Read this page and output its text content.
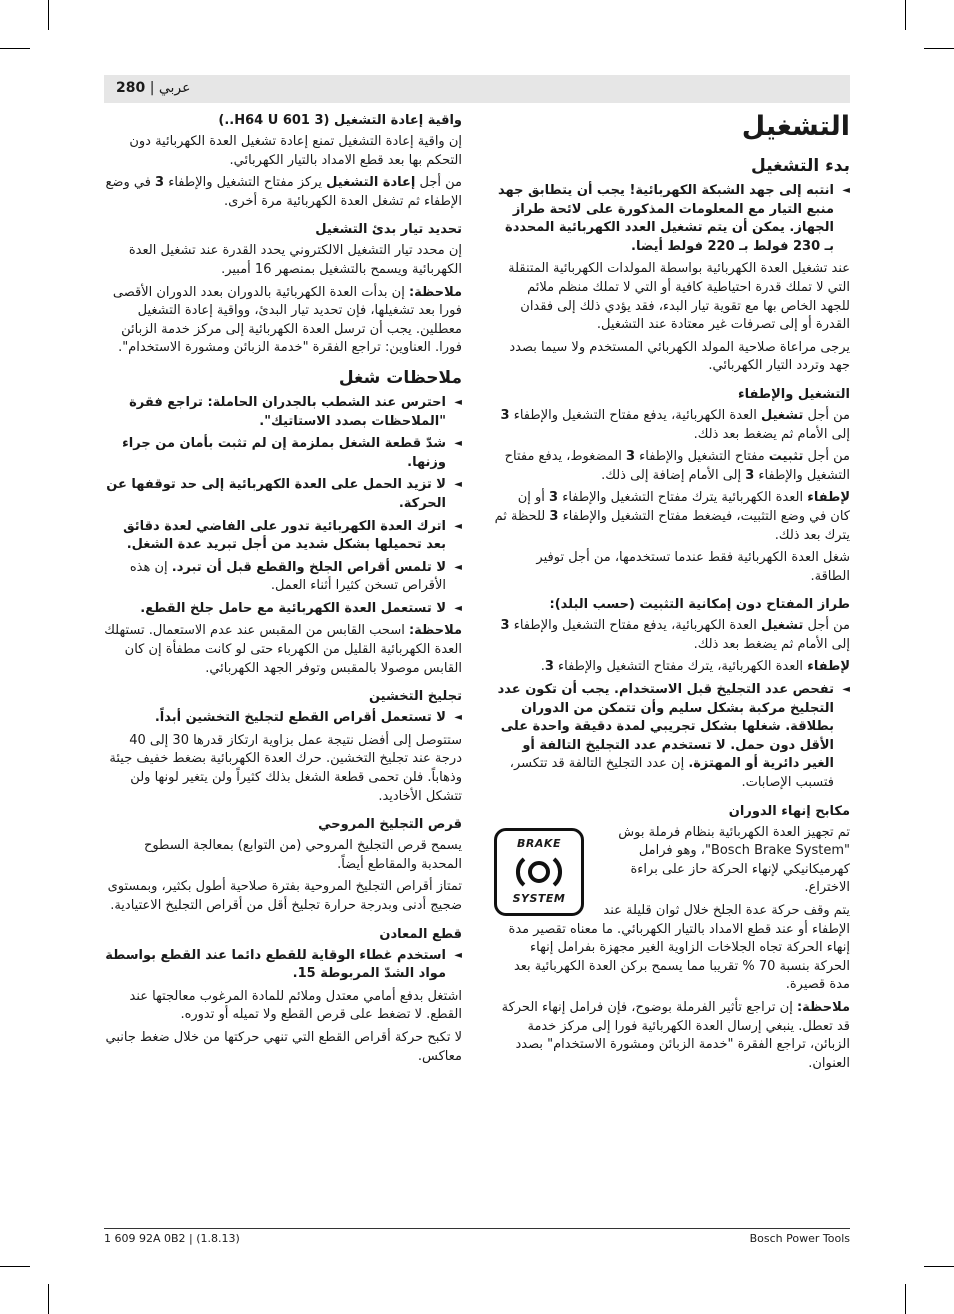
280 | عربي
التشغيل
بدء التشغيل
◄ انتبه إلى جهد الشبكة الكهربائية! يجب أن يتطابق جهد منبع التيار مع المعلومات المذكورة على لائحة طراز الجهاز. يمكن أن يتم تشغيل العدد الكهربائية المحددة بـ 230 فولط بـ 220 فولط أيضا.

عند تشغيل العدة الكهربائية بواسطة المولدات الكهربائية المتنقلة التي لا تملك قدرة احتياطية كافية أو التي لا تملك منظم ملائم للجهد الخاص بها مع تقوية تيار البدء، فقد يؤدي ذلك إلى فقدان القدرة أو إلى تصرفات غير معتادة عند التشغيل.

يرجى مراعاة صلاحية المولد الكهربائي المستخدم ولا سيما بصدد جهد وتردد التيار الكهربائي.

التشغيل والإطفاء

من أجل تشغيل العدة الكهربائية، يدفع مفتاح التشغيل والإطفاء 3 إلى الأمام ثم يضغط بعد ذلك.

من أجل تثبيت مفتاح التشغيل والإطفاء 3 المضغوط، يدفع مفتاح التشغيل والإطفاء 3 إلى الأمام إضافة إلى ذلك.

لإطفاء العدة الكهربائية يترك مفتاح التشغيل والإطفاء 3 أو إن كان في وضع التثبيت، فيضغط مفتاح التشغيل والإطفاء 3 للحظة ثم يترك بعد ذلك.

شغل العدة الكهربائية فقط عندما تستخدمها، من أجل توفير الطاقة.

طراز المفتاح دون إمكانية التثبيت (حسب البلد):

من أجل تشغيل العدة الكهربائية، يدفع مفتاح التشغيل والإطفاء 3 إلى الأمام ثم يضغط بعد ذلك.

لإطفاء العدة الكهربائية، يترك مفتاح التشغيل والإطفاء 3.

◄ تفحص عدد التجليخ قبل الاستخدام. يجب أن تكون عدد التجليخ مركبة بشكل سليم وأن تتمكن من الدوران بطلاقة. شغلها بشكل تجريبي لمدة دقيقة واحدة على الأقل دون حمل. لا تستخدم عدد التجليخ التالفة أو الغير دائرية أو المهتزة. إن عدد التجليخ التالفة قد تتكسر، فتسبب الإصابات.
مكابح إنهاء الدوران
BRAKE
SYSTEM

تم تجهيز العدة الكهربائية بنظام فرملة بوش "Bosch Brake System"، وهو فرامل كهرميكانيكي لإنهاء الحركة حاز على براءة الاختراع.

يتم وقف حركة عدة الجلخ خلال ثوان قليلة عند الإطفاء أو عند قطع الامداد بالتيار الكهربائي. ما معناه تقصير مدة إنهاء الحركة تجاه الجلاخات الزاوية الغير مجهزة بفرامل إنهاء الحركة بنسبة 70 % تقريبا مما يسمح بركن العدة الكهربائية بعد مدة قصيرة.

ملاحظة: إن تراجع تأثير الفرملة بوضوح، فإن فرامل إنهاء الحركة قد تعطل. ينبغي إرسال العدة الكهربائية فورا إلى مركز خدمة الزبائن، تراجع الفقرة "خدمة الزبائن ومشورة الاستخدام" بصدد العنوان.

واقية إعادة التشغيل (3 601 H64 U..)

إن واقية إعادة التشغيل تمنع إعادة تشغيل العدة الكهربائية دون التحكم بها بعد قطع الامداد بالتيار الكهربائي.

من أجل إعادة التشغيل يركز مفتاح التشغيل والإطفاء 3 في وضع الإطفاء ثم تشغل العدة الكهربائية مرة أخرى.

تحديد تيار بدئ التشغيل

إن محدد تيار التشغيل الالكتروني يحدد القدرة عند تشغيل العدة الكهربائية ويسمح بالتشغيل بمنصهر 16 أمبير.

ملاحظة: إن بدأت العدة الكهربائية بالدوران بعدد الدوران الأقصى فورا بعد تشغيلها، فإن تحديد تيار البدئ، وواقية إعادة التشغيل معطلين. يجب أن ترسل العدة الكهربائية إلى مركز خدمة الزبائن فورا. العناوين: تراجع الفقرة "خدمة الزبائن ومشورة الاستخدام".

ملاحظات شغل
◄ احترس عند الشطب بالجدران الحاملة: تراجع فقرة "الملاحظات بصدد الاستاتيك".
◄ شدّ قطعة الشغل بملزمة إن لم تثبت بأمان من جراء وزنها.
◄ لا تزيد الحمل على العدة الكهربائية إلى حد توقفها عن الحركة.
◄ اترك العدة الكهربائية تدور على الفاضي لعدة دقائق بعد تحميلها بشكل شديد من أجل تبريد عدة الشغل.
◄ لا تلمس أقراص الجلخ والقطع قبل أن تبرد. إن هذه الأقراص تسخن كثيرا أثناء العمل.
◄ لا تستعمل العدة الكهربائية مع حامل جلخ القطع.

ملاحظة: اسحب القابس من المقبس عند عدم الاستعمال. تستهلك العدة الكهربائية القليل من الكهرباء حتى لو كانت مطفأة إن كان القابس موصولا بالمقبس وتوفر الجهد الكهربائي.

تجليخ التخشين
◄ لا تستعمل أقراص القطع لتجليخ التخشين أبداً.

ستتوصل إلى أفضل نتيجة عمل بزاوية ارتكاز قدرها 30 إلى 40 درجة عند تجليخ التخشين. حرك العدة الكهربائية بضغط خفيف جيئة وذهاباً. فلن تحمى قطعة الشغل بذلك كثيراً ولن يتغير لونها ولن تتشكل الأخاديد.

قرص التجليخ المروحي

يسمح قرص التجليخ المروحي (من التوابع) بمعالجة السطوح المحدبة والمقاطع أيضاً.

تمتاز أقراص التجليخ المروحية بفترة صلاحية أطول بكثير، وبمستوى ضجيج أدنى وبدرجة حرارة تجليخ أقل من أقراص التجليخ الاعتيادية.

قطع المعادن
◄ استخدم غطاء الوقاية للقطع دائما عند القطع بواسطة مواد الشدّ المربوطة 15.

اشتغل بدفع أمامي معتدل وملائم للمادة المرغوب معالجتها عند القطع. لا تضغط على قرص القطع ولا تميله أو تدوره.

لا تكبح حركة أقراص القطع التي تنهي حركتها من خلال ضغط جانبي معاكس.

1 609 92A 0B2 | (1.8.13)	Bosch Power Tools
